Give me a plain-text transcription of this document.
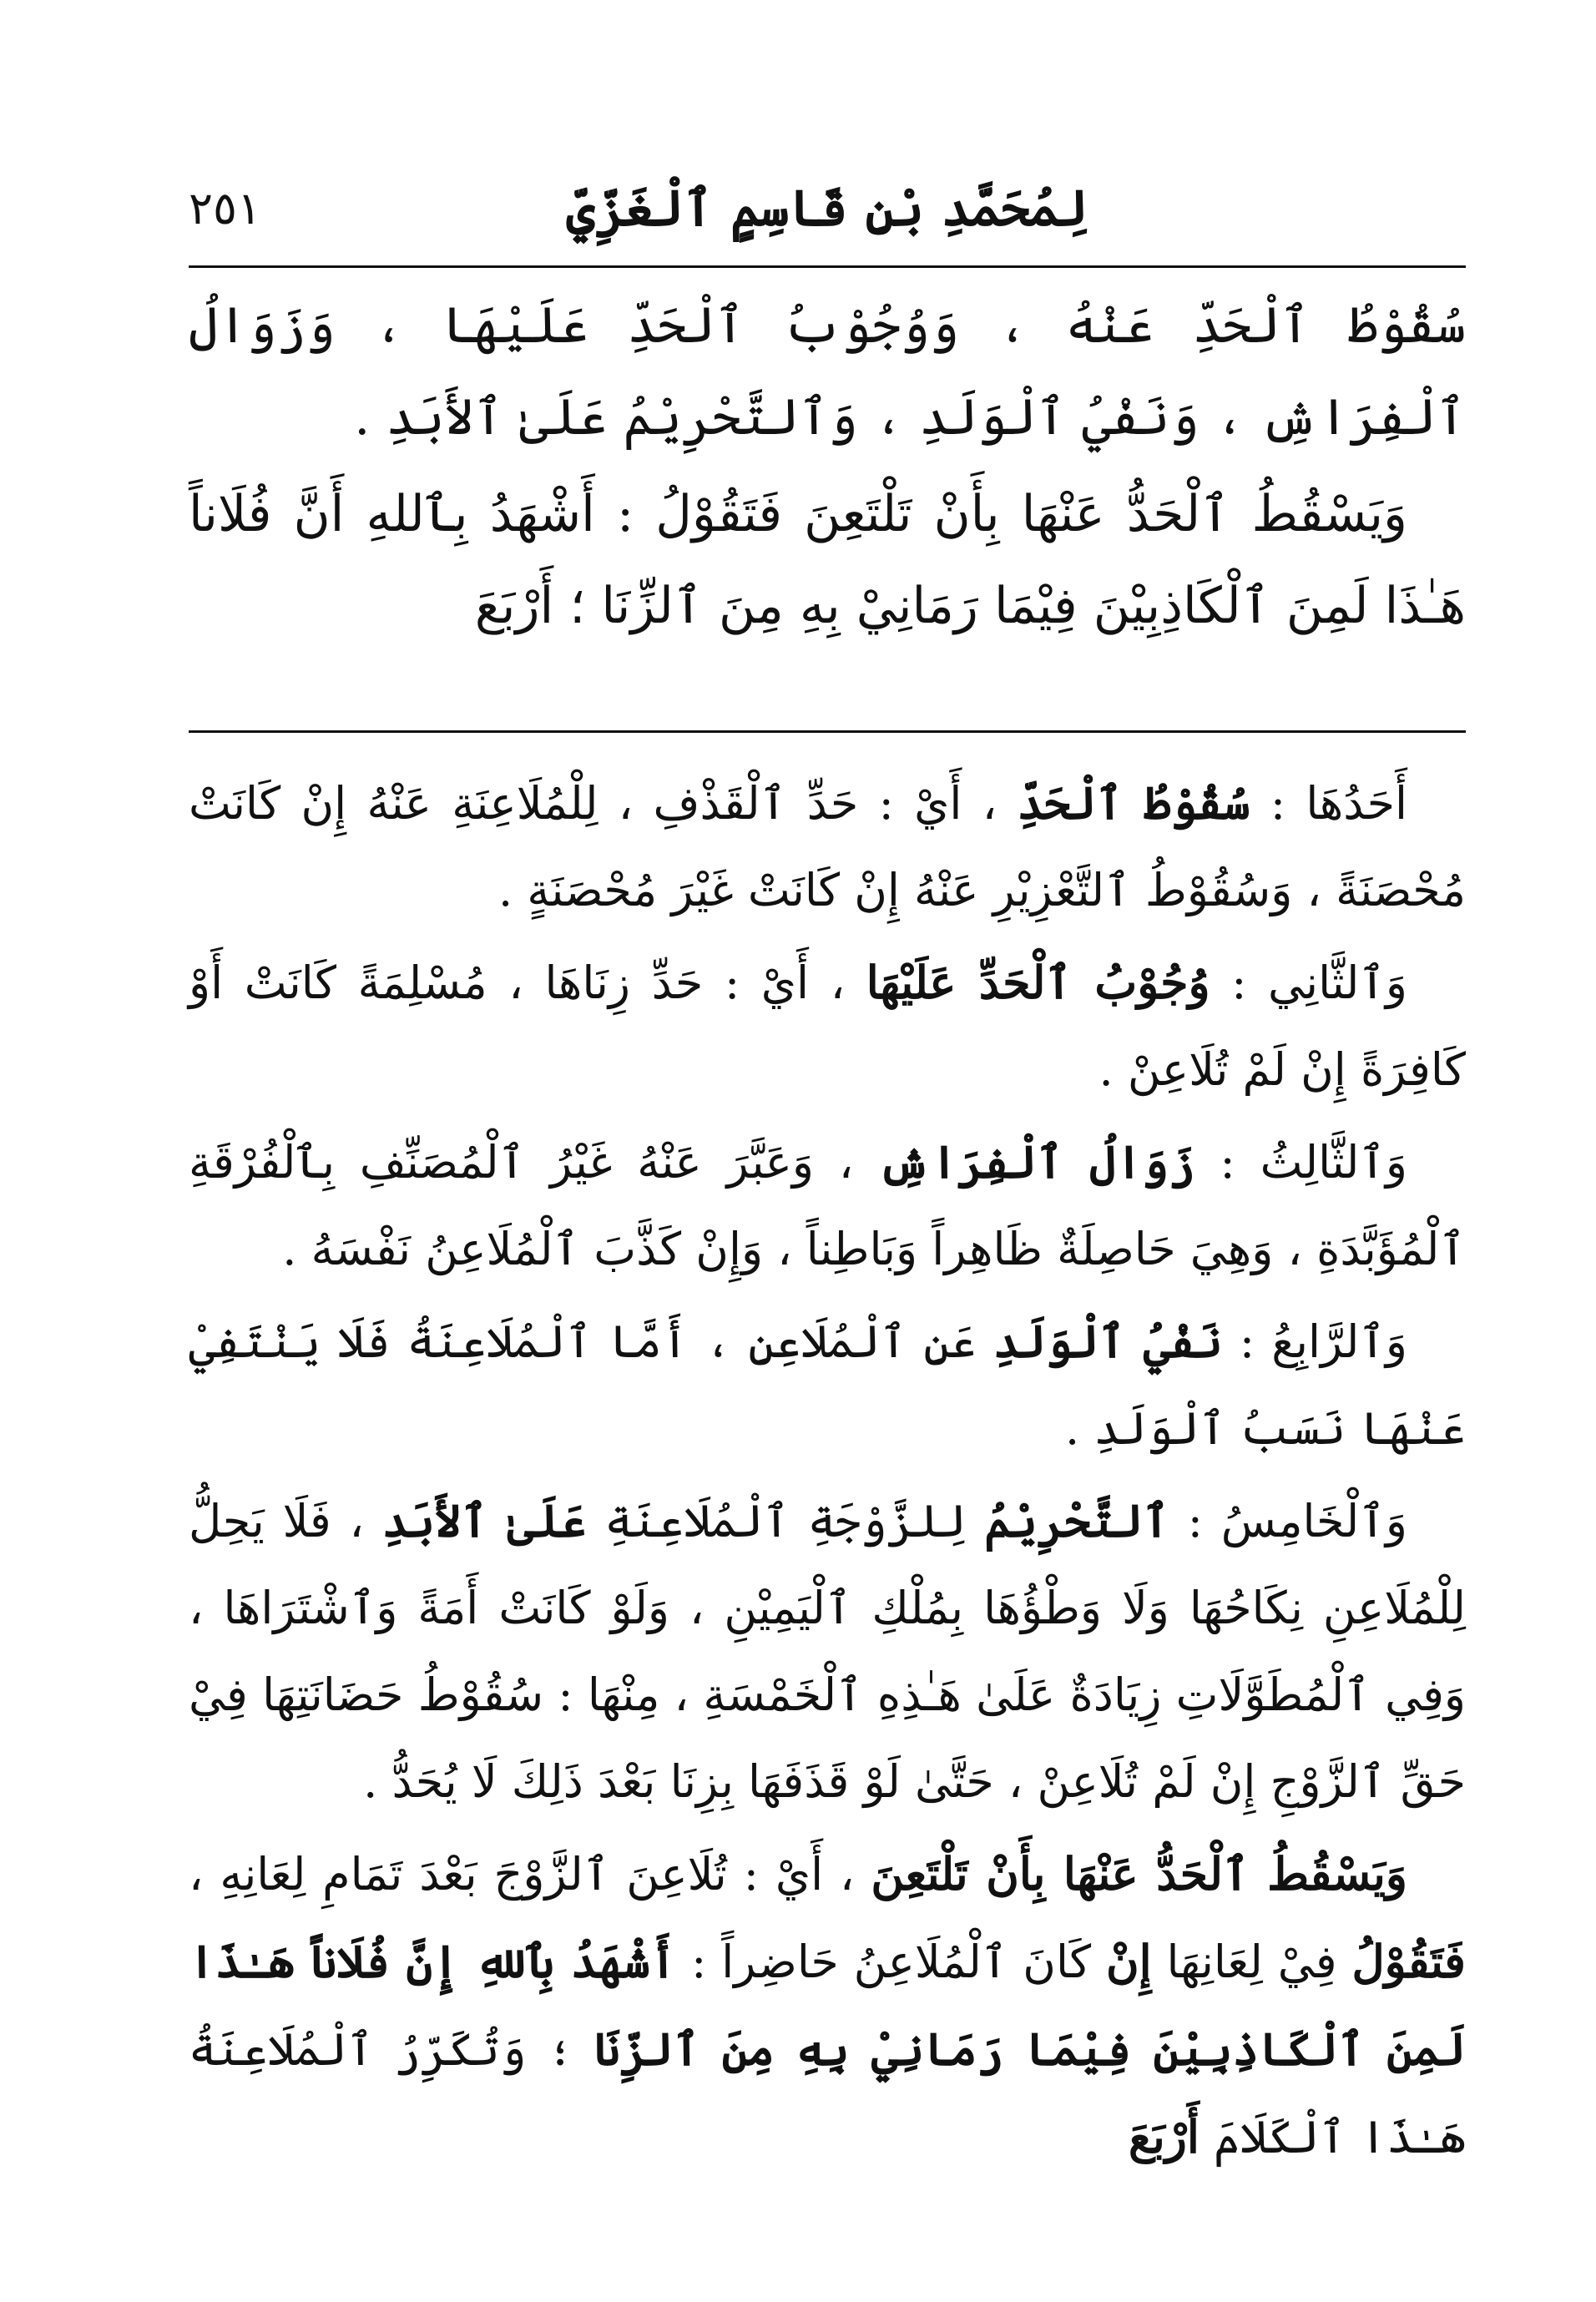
لِمُحَمَّدِ بْنِ قَاسِمٍ ٱلْغَزِّيِّ
٢٥١

سُقُوْطُ ٱلْحَدِّ عَنْهُ ، وَوُجُوْبُ ٱلْحَدِّ عَلَيْهَا ، وَزَوَالُ ٱلْفِرَاشِ ، وَنَفْيُ ٱلْوَلَدِ ، وَٱلتَّحْرِيْمُ عَلَىٰ ٱلأَبَدِ .

وَيَسْقُطُ ٱلْحَدُّ عَنْهَا بِأَنْ تَلْتَعِنَ فَتَقُوْلُ : أَشْهَدُ بِٱللهِ أَنَّ فُلَاناً هَـٰذَا لَمِنَ ٱلْكَاذِبِيْنَ فِيْمَا رَمَانِيْ بِهِ مِنَ ٱلزِّنَا ؛ أَرْبَعَ

أَحَدُهَا : سُقُوْطُ ٱلْحَدِّ ، أَيْ : حَدِّ ٱلْقَذْفِ ، لِلْمُلَاعِنَةِ عَنْهُ إِنْ كَانَتْ مُحْصَنَةً ، وَسُقُوْطُ ٱلتَّعْزِيْرِ عَنْهُ إِنْ كَانَتْ غَيْرَ مُحْصَنَةٍ .

وَٱلثَّانِي : وُجُوْبُ ٱلْحَدِّ عَلَيْهَا ، أَيْ : حَدِّ زِنَاهَا ، مُسْلِمَةً كَانَتْ أَوْ كَافِرَةً إِنْ لَمْ تُلَاعِنْ .

وَٱلثَّالِثُ : زَوَالُ ٱلْفِرَاشِ ، وَعَبَّرَ عَنْهُ غَيْرُ ٱلْمُصَنِّفِ بِٱلْفُرْقَةِ ٱلْمُؤَبَّدَةِ ، وَهِيَ حَاصِلَةٌ ظَاهِراً وَبَاطِناً ، وَإِنْ كَذَّبَ ٱلْمُلَاعِنُ نَفْسَهُ .

وَٱلرَّابِعُ : نَفْيُ ٱلْوَلَدِ عَنِ ٱلْمُلَاعِنِ ، أَمَّا ٱلْمُلَاعِنَةُ فَلَا يَنْتَفِيْ عَنْهَا نَسَبُ ٱلْوَلَدِ .

وَٱلْخَامِسُ : ٱلتَّحْرِيْمُ لِلزَّوْجَةِ ٱلْمُلَاعِنَةِ عَلَىٰ ٱلأَبَدِ ، فَلَا يَحِلُّ لِلْمُلَاعِنِ نِكَاحُهَا وَلَا وَطْؤُهَا بِمُلْكِ ٱلْيَمِيْنِ ، وَلَوْ كَانَتْ أَمَةً وَٱشْتَرَاهَا ، وَفِي ٱلْمُطَوَّلَاتِ زِيَادَةٌ عَلَىٰ هَـٰذِهِ ٱلْخَمْسَةِ ، مِنْهَا : سُقُوْطُ حَضَانَتِهَا فِيْ حَقِّ ٱلزَّوْجِ إِنْ لَمْ تُلَاعِنْ ، حَتَّىٰ لَوْ قَذَفَهَا بِزِنَا بَعْدَ ذَلِكَ لَا يُحَدُّ .

وَيَسْقُطُ ٱلْحَدُّ عَنْهَا بِأَنْ تَلْتَعِنَ ، أَيْ : تُلَاعِنَ ٱلزَّوْجَ بَعْدَ تَمَامِ لِعَانِهِ ، فَتَقُوْلُ فِيْ لِعَانِهَا إِنْ كَانَ ٱلْمُلَاعِنُ حَاضِراً : أَشْهَدُ بِٱللهِ إِنَّ فُلَاناً هَـٰذَا لَمِنَ ٱلْكَاذِبِيْنَ فِيْمَا رَمَانِيْ بِهِ مِنَ ٱلزِّنَا ؛ وَتُكَرِّرُ ٱلْمُلَاعِنَةُ هَـٰذَا ٱلْكَلَامَ أَرْبَعَ
